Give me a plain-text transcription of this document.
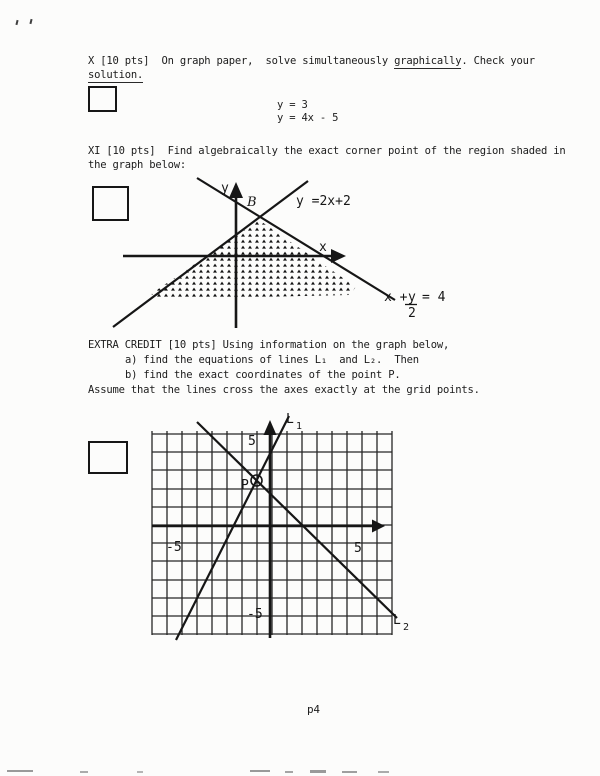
X [10 pts]  On graph paper,  solve simultaneously graphically. Check your
solution.
y = 3
y = 4x - 5
XI [10 pts]  Find algebraically the exact corner point of the region shaded in
the graph below:
y
B	y =2x+2
x
x + y
2
= 4
EXTRA CREDIT [10 pts] Using information on the graph below,
a) find the equations of lines L₁  and L₂.  Then
b) find the exact coordinates of the point P.
Assume that the lines cross the axes exactly at the grid points.
P
L 1
L 2
5
5
-5
-5
p4
